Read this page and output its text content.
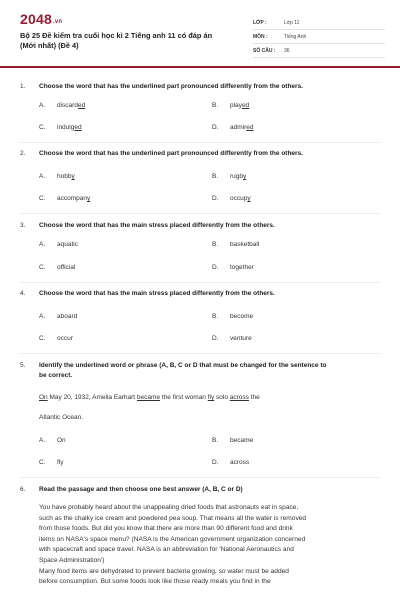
2048.vn
Bộ 25 Đề kiểm tra cuối học kì 2 Tiếng anh 11 có đáp án (Mới nhất) (Đề 4)
LỚP :	Lớp 11
MÔN :	Tiếng Anh
SỐ CÂU :	36
1.	Choose the word that has the underlined part pronounced differently from the others.
A.	discarded	B.	played
C.	indulged	D.	admired
2.	Choose the word that has the underlined part pronounced differently from the others.
A.	hobby	B.	rugby
C.	accompany	D.	occupy
3.	Choose the word that has the main stress placed differently from the others.
A.	aquatic	B.	basketball
C.	official	D.	together
4.	Choose the word that has the main stress placed differently from the others.
A.	aboard	B.	become
C.	occur	D.	venture
5.	Identify the underlined word or phrase (A, B, C or D that must be changed for the sentence to
be correct.
On May 20, 1932, Amelia Earhart became the first woman fly solo across the
Atlantic Ocean.
A.	On	B.	became
C.	fly	D.	across
6.	Read the passage and then choose one best answer (A, B, C or D)
You have probably heard about the unappealing dried foods that astronauts eat in space,
such as the chalky ice cream and powdered pea soup. That means all the water is removed
from those foods. But did you know that there are more than 90 different food and drink
items on NASA's space menu? (NASA is the American government organization concerned
with spacecraft and space travel. NASA is an abbreviation for 'National Aeronautics and
Space Administration')
Many food items are dehydrated to prevent bacteria growing, so water must be added
before consumption. But some foods look like those ready meals you find in the
